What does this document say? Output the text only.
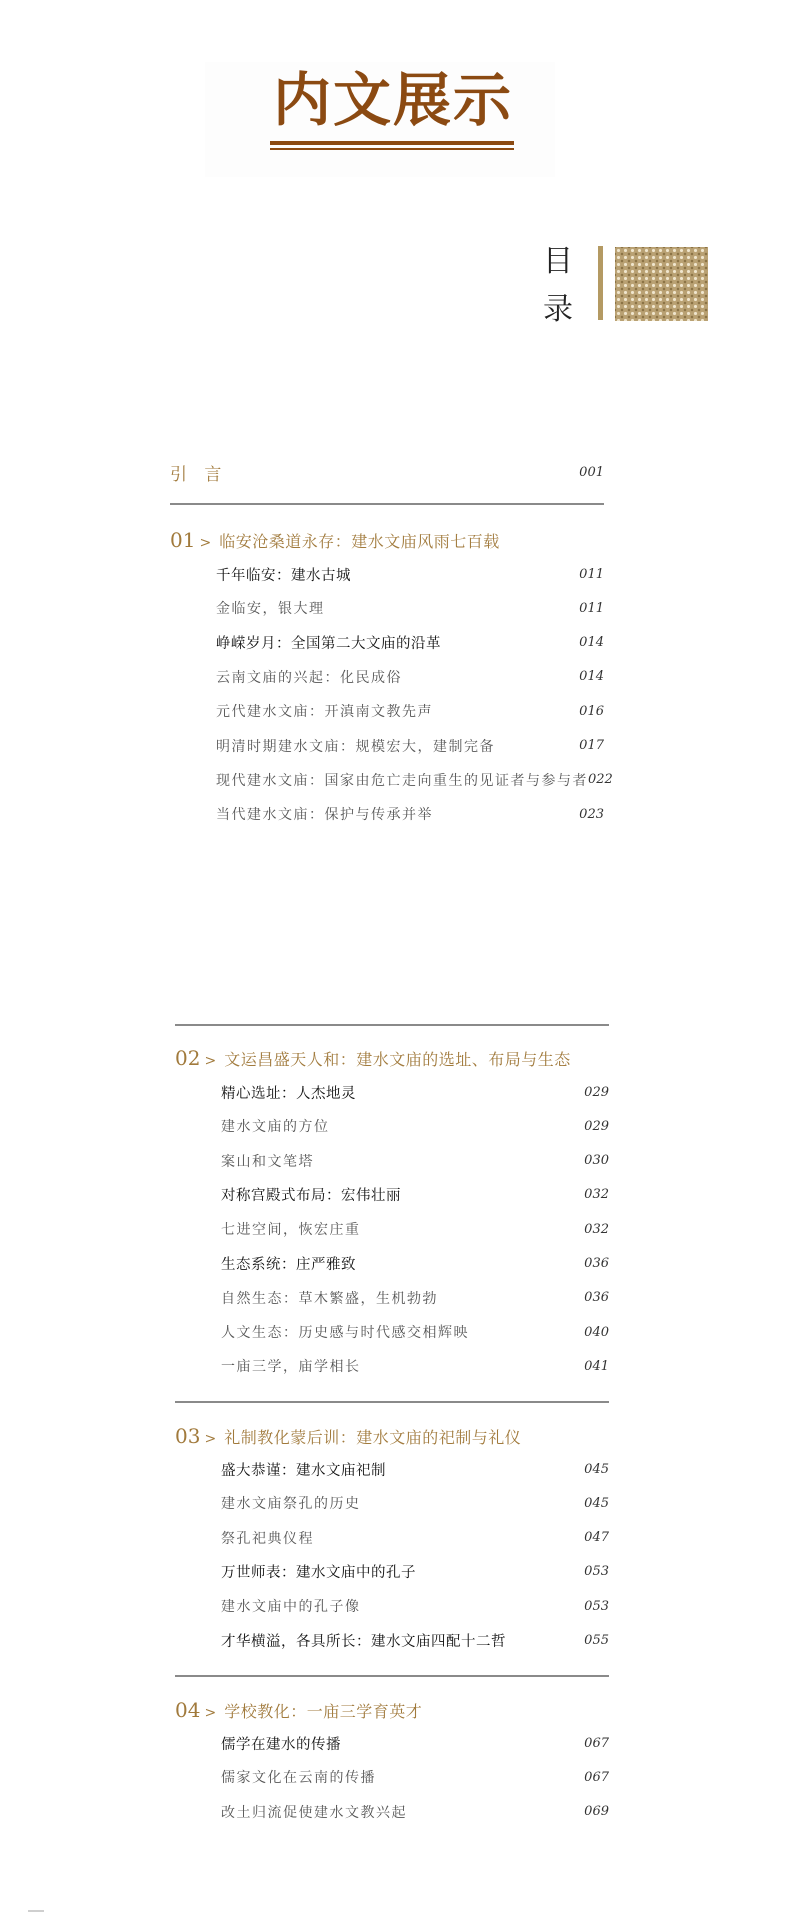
内文展示
目
录
引 言	001
01 > 临安沧桑道永存：建水文庙风雨七百载
千年临安：建水古城	011
金临安，银大理	011
峥嵘岁月：全国第二大文庙的沿革	014
云南文庙的兴起：化民成俗	014
元代建水文庙：开滇南文教先声	016
明清时期建水文庙：规模宏大，建制完备	017
现代建水文庙：国家由危亡走向重生的见证者与参与者 022
当代建水文庙：保护与传承并举	023
02 > 文运昌盛天人和：建水文庙的选址、布局与生态
精心选址：人杰地灵	029
建水文庙的方位	029
案山和文笔塔	030
对称宫殿式布局：宏伟壮丽	032
七进空间，恢宏庄重	032
生态系统：庄严雅致	036
自然生态：草木繁盛，生机勃勃	036
人文生态：历史感与时代感交相辉映	040
一庙三学，庙学相长	041
03 > 礼制教化蒙后训：建水文庙的祀制与礼仪
盛大恭谨：建水文庙祀制	045
建水文庙祭孔的历史	045
祭孔祀典仪程	047
万世师表：建水文庙中的孔子	053
建水文庙中的孔子像	053
才华横溢，各具所长：建水文庙四配十二哲	055
04 > 学校教化：一庙三学育英才
儒学在建水的传播	067
儒家文化在云南的传播	067
改土归流促使建水文教兴起	069
